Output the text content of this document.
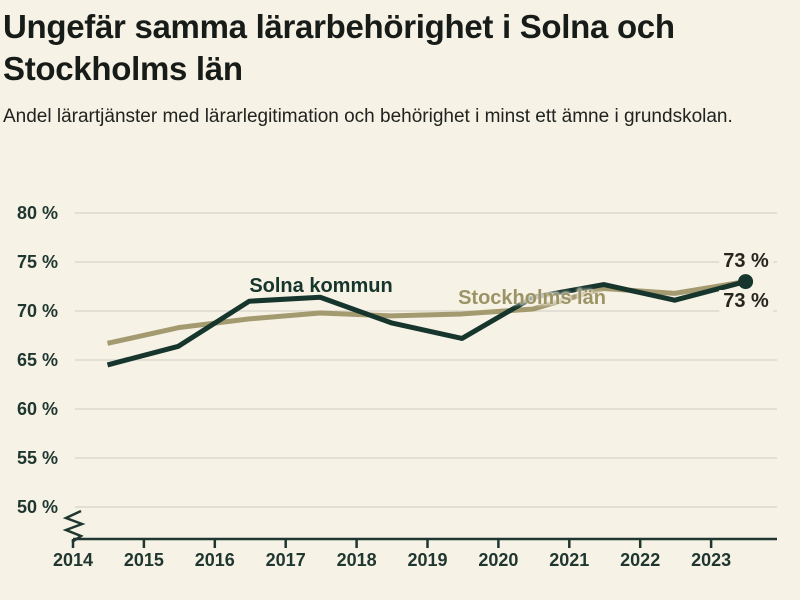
Ungefär samma lärarbehörighet i Solna och Stockholms län

Andel lärartjänster med lärarlegitimation och behörighet i minst ett ämne i grundskolan.

80 %
75 %
70 %
65 %
60 %
55 %
50 %
2014 2015 2016 2017 2018 2019 2020 2021 2022 2023
Solna kommun
Stockholms län
73 %
73 %
